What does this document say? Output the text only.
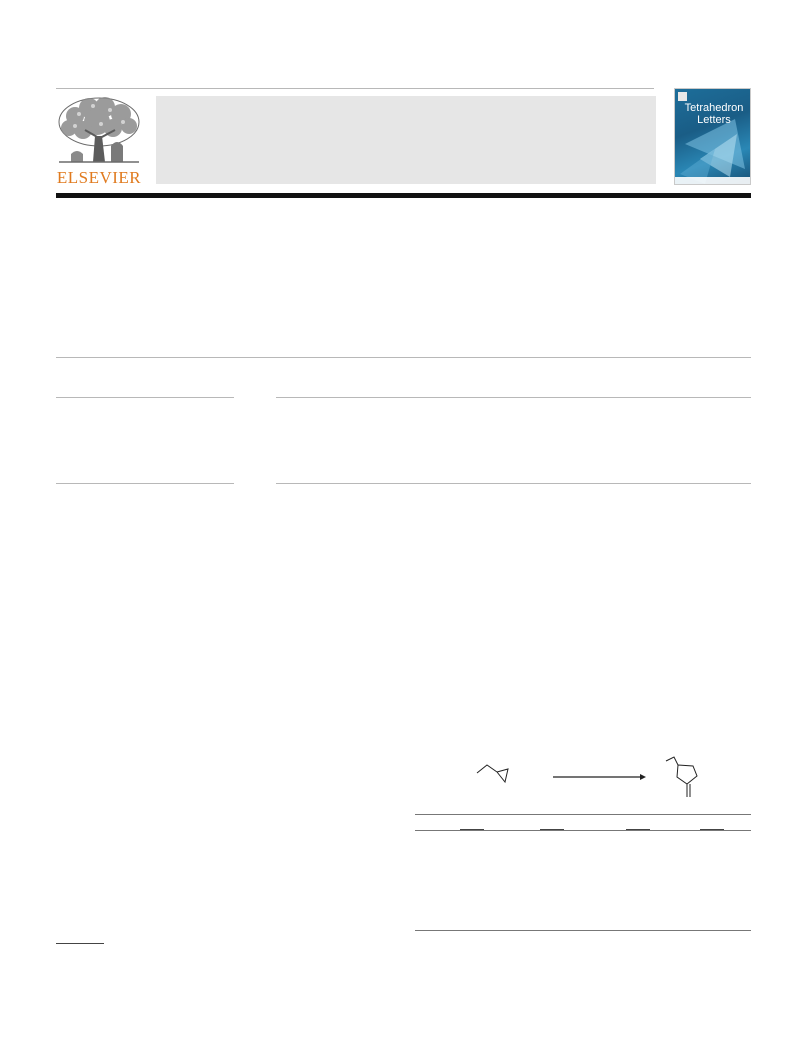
ELSEVIER
Tetrahedron
Letters
